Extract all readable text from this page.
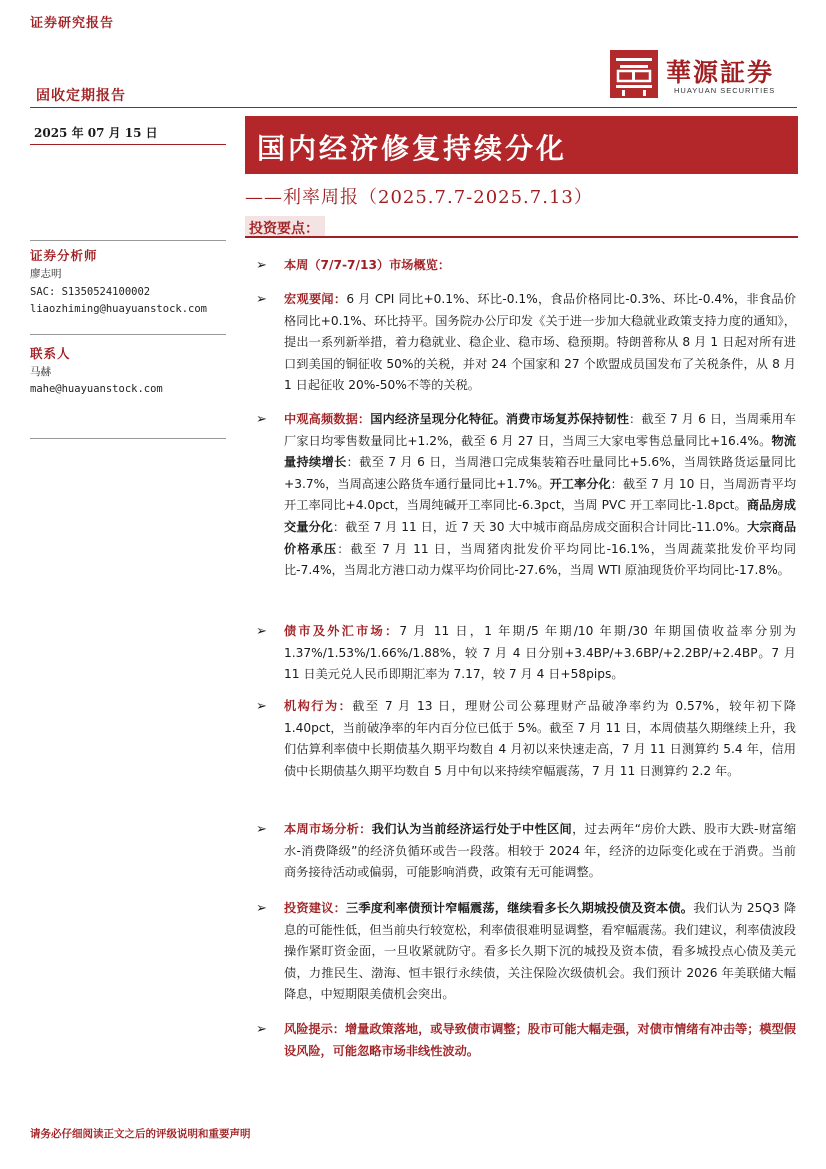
证券研究报告
固收定期报告
華源証券
HUAYUAN SECURITIES
2025 年 07 月 15 日	国内经济修复持续分化
——利率周报（2025.7.7-2025.7.13）
投资要点：
证券分析师
廖志明
SAC: S1350524100002
liaozhiming@huayuanstock.com
联系人
马赫
mahe@huayuanstock.com
➢ 本周（7/7-7/13）市场概览：
➢ 宏观要闻：6 月 CPI 同比+0.1%、环比-0.1%，食品价格同比-0.3%、环比-0.4%，非食品价格同比+0.1%、环比持平。国务院办公厅印发《关于进一步加大稳就业政策支持力度的通知》，提出一系列新举措，着力稳就业、稳企业、稳市场、稳预期。特朗普称从 8 月 1 日起对所有进口到美国的铜征收 50%的关税，并对 24 个国家和 27 个欧盟成员国发布了关税条件，从 8 月 1 日起征收 20%-50%不等的关税。
➢ 中观高频数据：国内经济呈现分化特征。消费市场复苏保持韧性：截至 7 月 6 日，当周乘用车厂家日均零售数量同比+1.2%，截至 6 月 27 日，当周三大家电零售总量同比+16.4%。物流量持续增长：截至 7 月 6 日，当周港口完成集装箱吞吐量同比+5.6%，当周铁路货运量同比+3.7%，当周高速公路货车通行量同比+1.7%。开工率分化：截至 7 月 10 日，当周沥青平均开工率同比+4.0pct，当周纯碱开工率同比-6.3pct，当周 PVC 开工率同比-1.8pct。商品房成交量分化：截至 7 月 11 日，近 7 天 30 大中城市商品房成交面积合计同比-11.0%。大宗商品价格承压：截至 7 月 11 日，当周猪肉批发价平均同比-16.1%，当周蔬菜批发价平均同比-7.4%，当周北方港口动力煤平均价同比-27.6%，当周 WTI 原油现货价平均同比-17.8%。
➢ 债市及外汇市场：7 月 11 日，1 年期/5 年期/10 年期/30 年期国债收益率分别为 1.37%/1.53%/1.66%/1.88%，较 7 月 4 日分别+3.4BP/+3.6BP/+2.2BP/+2.4BP。7 月 11 日美元兑人民币即期汇率为 7.17，较 7 月 4 日+58pips。
➢ 机构行为：截至 7 月 13 日，理财公司公募理财产品破净率约为 0.57%，较年初下降 1.40pct，当前破净率的年内百分位已低于 5%。截至 7 月 11 日，本周债基久期继续上升，我们估算利率债中长期债基久期平均数自 4 月初以来快速走高，7 月 11 日测算约 5.4 年，信用债中长期债基久期平均数自 5 月中旬以来持续窄幅震荡，7 月 11 日测算约 2.2 年。
➢ 本周市场分析：我们认为当前经济运行处于中性区间，过去两年“房价大跌、股市大跌-财富缩水-消费降级”的经济负循环或告一段落。相较于 2024 年，经济的边际变化或在于消费。当前商务接待活动或偏弱，可能影响消费，政策有无可能调整。
➢ 投资建议：三季度利率债预计窄幅震荡，继续看多长久期城投债及资本债。我们认为 25Q3 降息的可能性低，但当前央行较宽松，利率债很难明显调整，看窄幅震荡。我们建议，利率债波段操作紧盯资金面，一旦收紧就防守。看多长久期下沉的城投及资本债，看多城投点心债及美元债，力推民生、渤海、恒丰银行永续债，关注保险次级债机会。我们预计 2026 年美联储大幅降息，中短期限美债机会突出。
➢ 风险提示：增量政策落地，或导致债市调整；股市可能大幅走强，对债市情绪有冲击等；模型假设风险，可能忽略市场非线性波动。
请务必仔细阅读正文之后的评级说明和重要声明
